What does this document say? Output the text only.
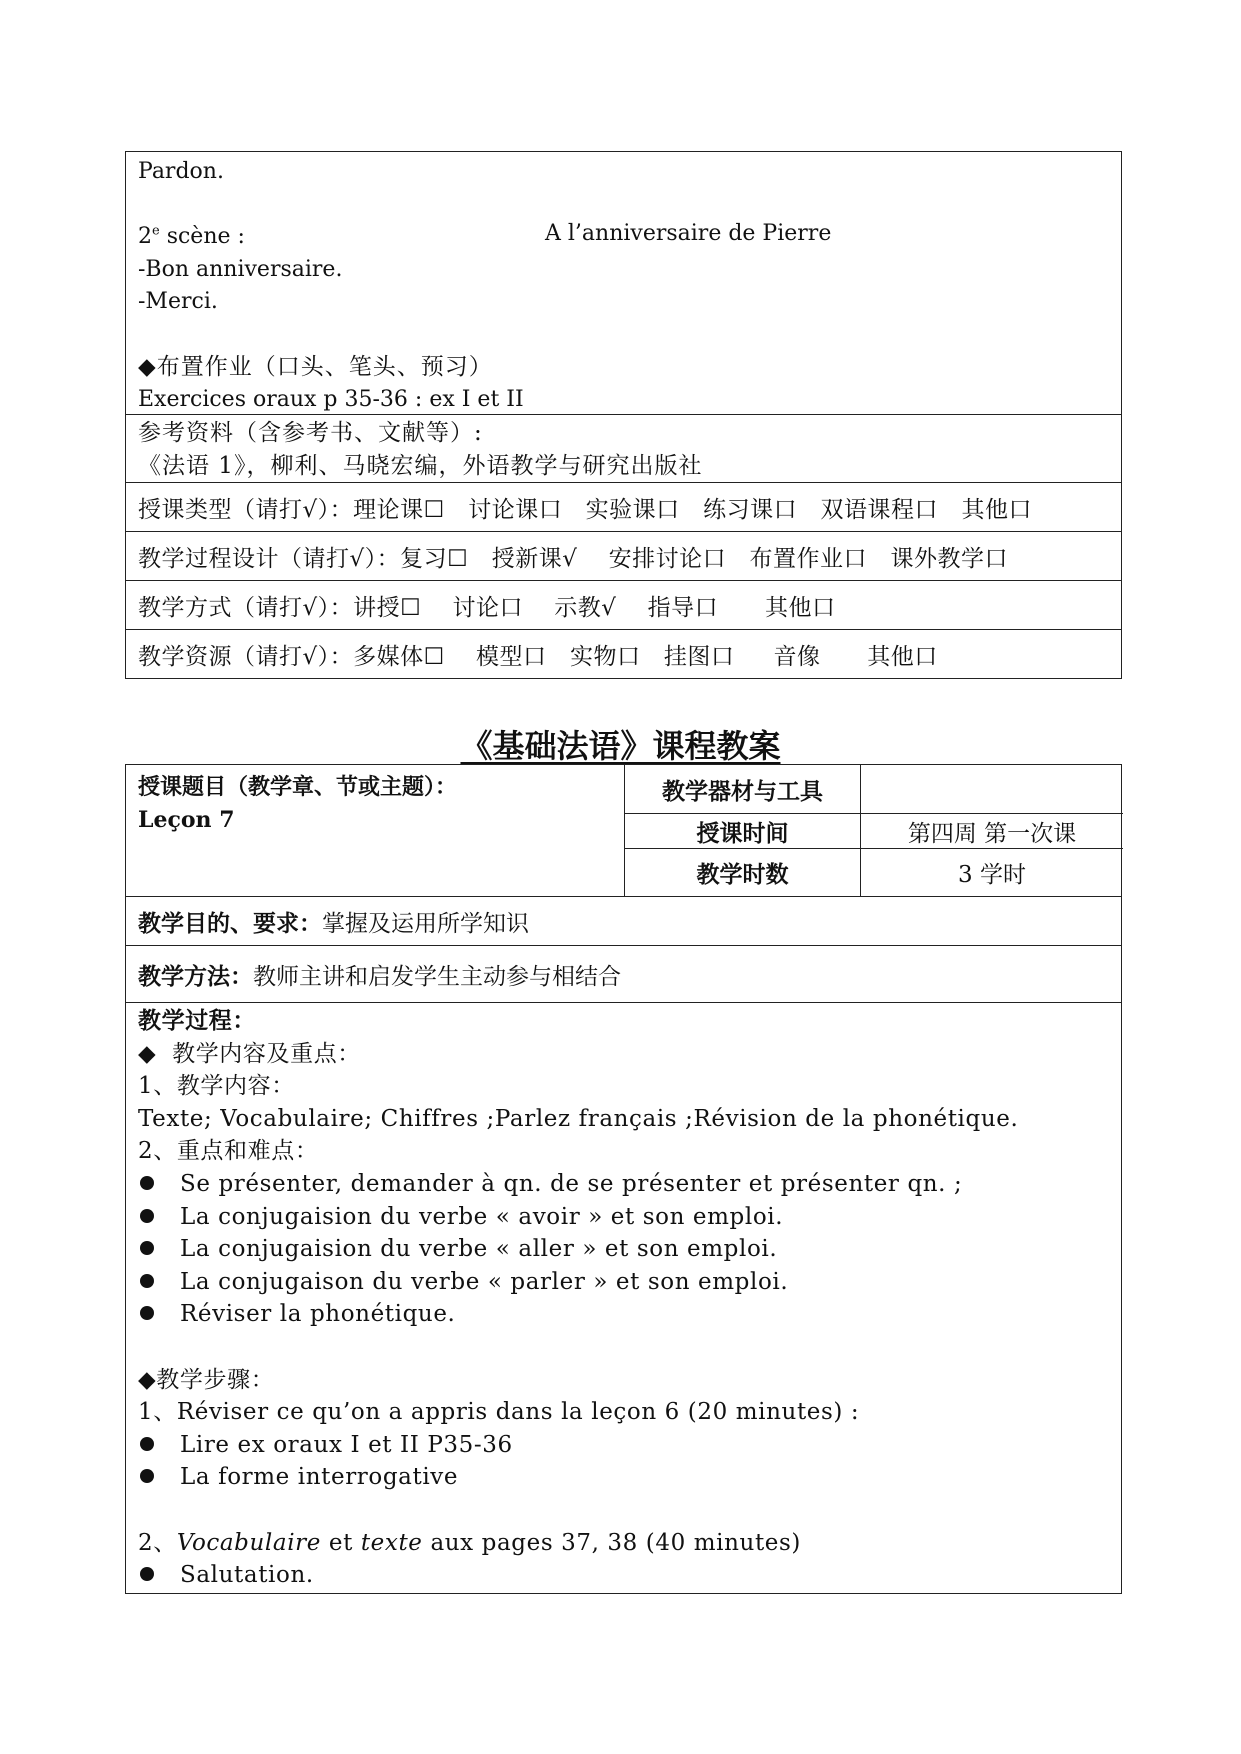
Pardon.

2e scène :	A l’anniversaire de Pierre
-Bon anniversaire.
-Merci.

◆布置作业（口头、笔头、预习）
Exercices oraux p 35-36 : ex I et II
参考资料（含参考书、文献等）:
《法语 1》，柳利、马晓宏编，外语教学与研究出版社
授课类型（请打√）：理论课☐   讨论课口   实验课口   练习课口   双语课程口   其他口
教学过程设计（请打√）：复习☐   授新课√    安排讨论口   布置作业口   课外教学口
教学方式（请打√）：讲授☐    讨论口    示教√    指导口      其他口
教学资源（请打√）：多媒体☐    模型口   实物口   挂图口     音像      其他口
《基础法语》课程教案
授课题目（教学章、节或主题）：
Leçon 7
教学器材与工具
授课时间	第四周 第一次课
教学时数	3 学时
教学目的、要求： 掌握及运用所学知识
教学方法： 教师主讲和启发学生主动参与相结合
教学过程：
◆  教学内容及重点：
1、教学内容：
Texte; Vocabulaire; Chiffres ;Parlez français ;Révision de la phonétique.
2、重点和难点：
Se présenter, demander à qn. de se présenter et présenter qn. ;
La conjugaision du verbe « avoir » et son emploi.
La conjugaision du verbe « aller » et son emploi.
La conjugaison du verbe « parler » et son emploi.
Réviser la phonétique.

◆教学步骤：
1、Réviser ce qu’on a appris dans la leçon 6 (20 minutes) :
Lire ex oraux I et II P35-36
La forme interrogative

2、Vocabulaire et texte aux pages 37, 38 (40 minutes)
Salutation.
